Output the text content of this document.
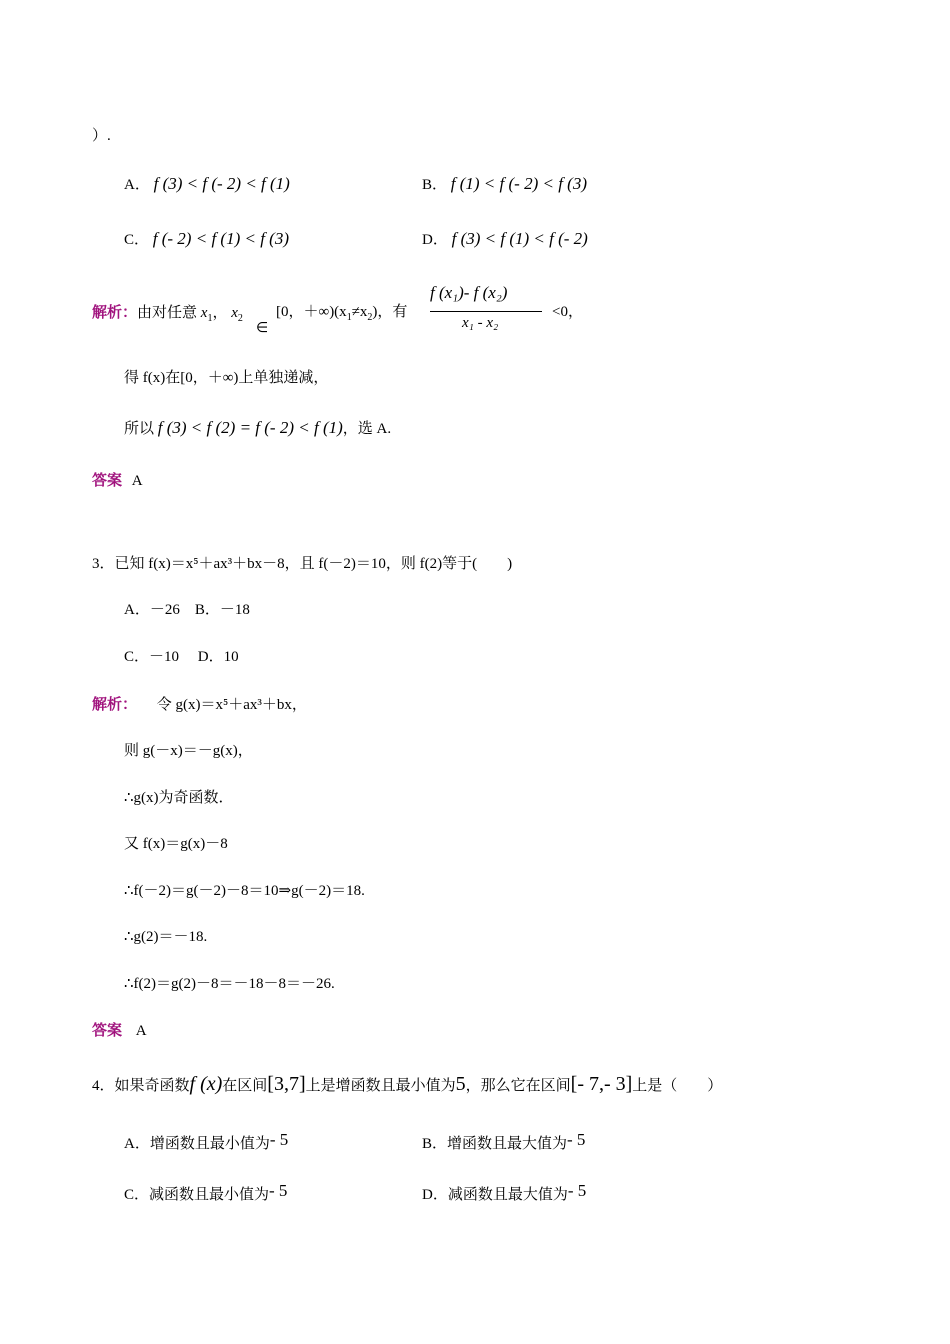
）.
A． f (3) < f (- 2) < f (1)	B． f (1) < f (- 2) < f (3)
C． f (- 2) < f (1) < f (3)	D． f (3) < f (1) < f (- 2)
解析：由对任意 $x_1$， $x_2$
∈
[0，$+\infty)(x_1\ne x_2)$，有
f (x₁)- f (x₂)
x₁ - x₂
<0，
得 f(x)在[0，＋∞)上单独递减，
所以 f (3) < f (2) = f (- 2) < f (1)，选 A.
答案 A
3．已知 f(x)＝x⁵＋ax³＋bx－8，且 f(－2)＝10，则 f(2)等于(　　)
A．－26　B．－18
C．－10　 D．10
解析： 令 g(x)＝x⁵＋ax³＋bx，
则 g(－x)＝－g(x)，
∴g(x)为奇函数．
又 f(x)＝g(x)－8
∴f(－2)＝g(－2)－8＝10⇒g(－2)＝18.
∴g(2)＝－18.
∴f(2)＝g(2)－8＝－18－8＝－26.
答案 A
4．如果奇函数f (x)在区间[3,7]上是增函数且最小值为5，那么它在区间[- 7,- 3]上是（　　）
A．增函数且最小值为- 5	B．增函数且最大值为- 5
C．减函数且最小值为- 5	D．减函数且最大值为- 5
